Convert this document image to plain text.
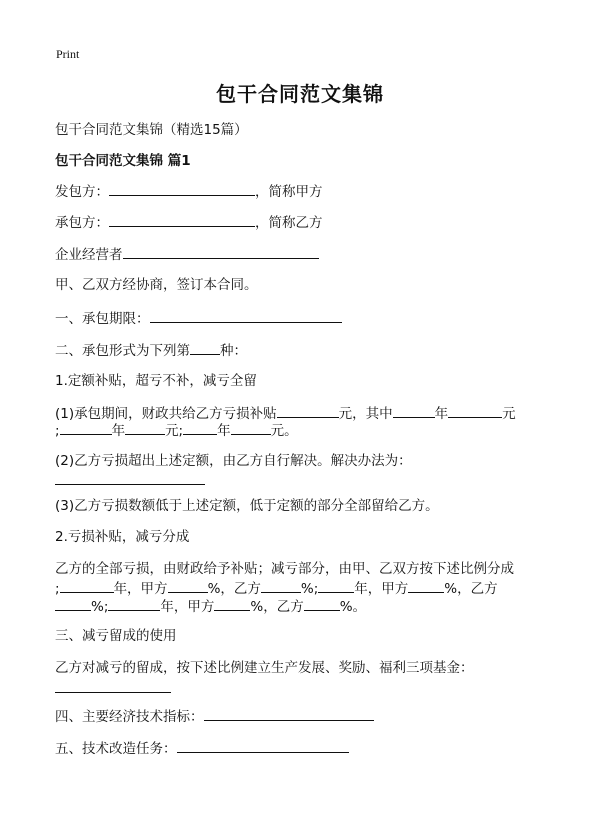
Print
包干合同范文集锦
包干合同范文集锦（精选15篇）
包干合同范文集锦 篇1
发包方：	，简称甲方
承包方：	，简称乙方
企业经营者
甲、乙双方经协商，签订本合同。
一、承包期限：
二、承包形式为下列第 种：
1.定额补贴，超亏不补，减亏全留
(1)承包期间，财政共给乙方亏损补贴	元，其中	年	元
;	年	元;	年	元。
(2)乙方亏损超出上述定额，由乙方自行解决。解决办法为：
(3)乙方亏损数额低于上述定额，低于定额的部分全部留给乙方。
2.亏损补贴，减亏分成
乙方的全部亏损，由财政给予补贴；减亏部分，由甲、乙双方按下述比例分成
;	年，甲方	%，乙方	%;	年，甲方	%，乙方
%;	年，甲方	%，乙方	%。
三、减亏留成的使用
乙方对减亏的留成，按下述比例建立生产发展、奖励、福利三项基金：
四、主要经济技术指标：
五、技术改造任务：
